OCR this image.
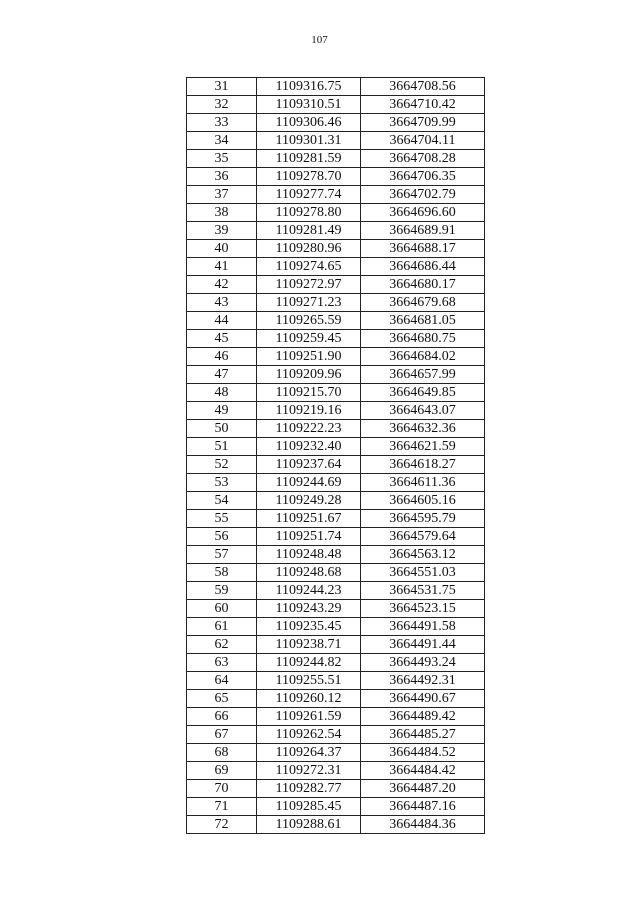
107
31	1109316.75	3664708.56
32	1109310.51	3664710.42
33	1109306.46	3664709.99
34	1109301.31	3664704.11
35	1109281.59	3664708.28
36	1109278.70	3664706.35
37	1109277.74	3664702.79
38	1109278.80	3664696.60
39	1109281.49	3664689.91
40	1109280.96	3664688.17
41	1109274.65	3664686.44
42	1109272.97	3664680.17
43	1109271.23	3664679.68
44	1109265.59	3664681.05
45	1109259.45	3664680.75
46	1109251.90	3664684.02
47	1109209.96	3664657.99
48	1109215.70	3664649.85
49	1109219.16	3664643.07
50	1109222.23	3664632.36
51	1109232.40	3664621.59
52	1109237.64	3664618.27
53	1109244.69	3664611.36
54	1109249.28	3664605.16
55	1109251.67	3664595.79
56	1109251.74	3664579.64
57	1109248.48	3664563.12
58	1109248.68	3664551.03
59	1109244.23	3664531.75
60	1109243.29	3664523.15
61	1109235.45	3664491.58
62	1109238.71	3664491.44
63	1109244.82	3664493.24
64	1109255.51	3664492.31
65	1109260.12	3664490.67
66	1109261.59	3664489.42
67	1109262.54	3664485.27
68	1109264.37	3664484.52
69	1109272.31	3664484.42
70	1109282.77	3664487.20
71	1109285.45	3664487.16
72	1109288.61	3664484.36
